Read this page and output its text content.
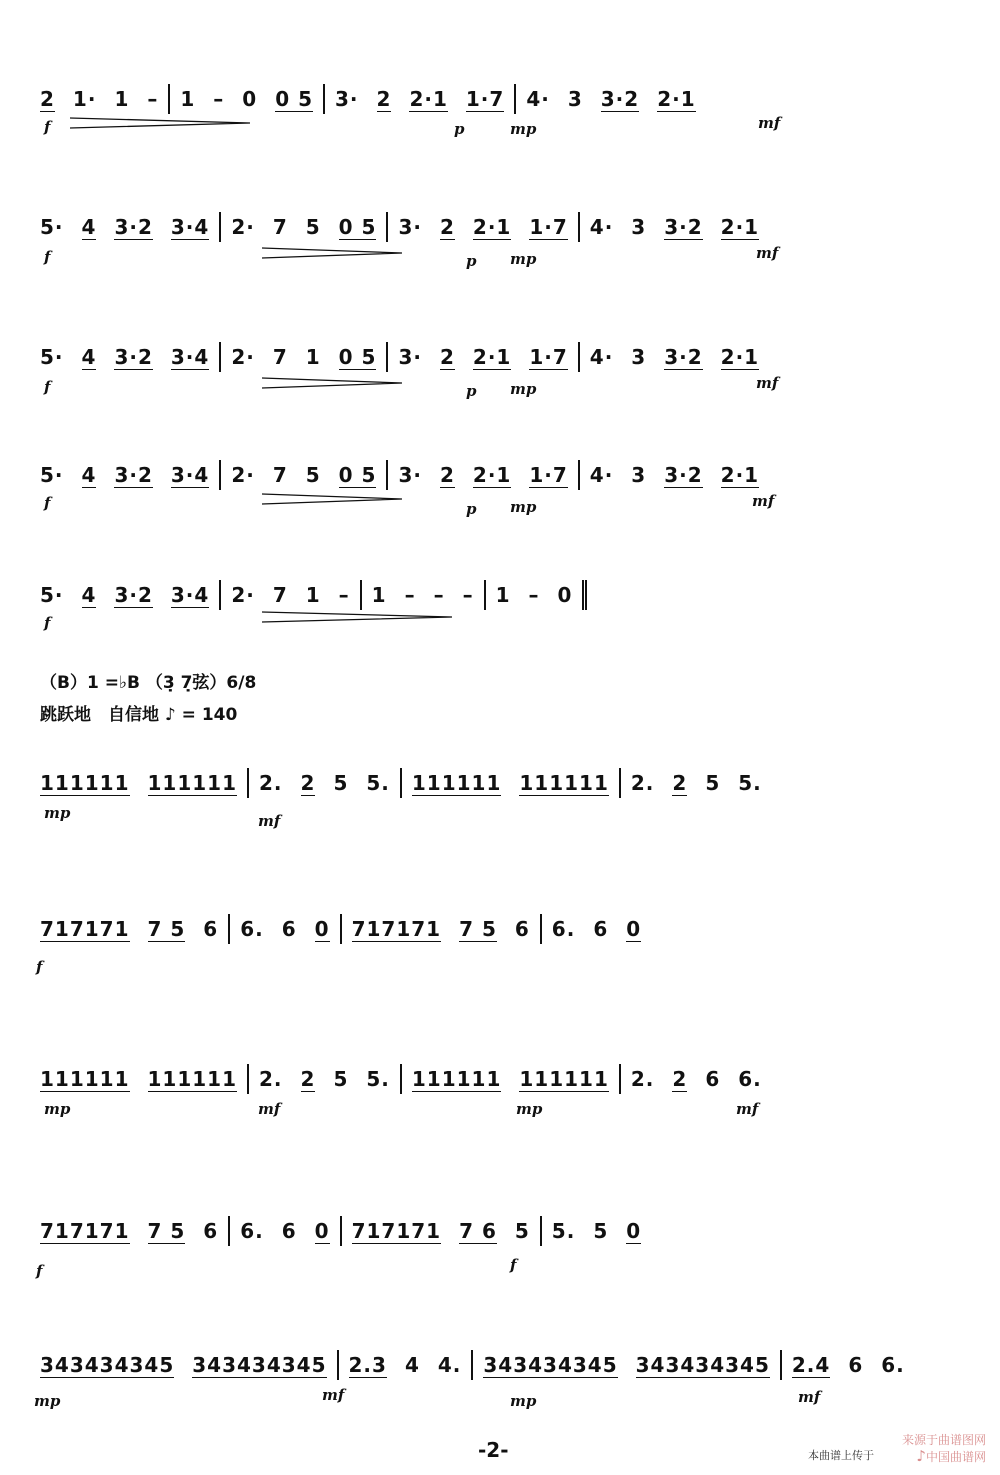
2 1· 1 – 1 – 0 0 5 3· 2 2·1 1·7 4· 3 3·2 2·1
f	p	mp	mf
5· 4 3·2 3·4 2· 7 5 0 5 3· 2 2·1 1·7 4· 3 3·2 2·1
f	p mp	mf
5· 4 3·2 3·4 2· 7 1 0 5 3· 2 2·1 1·7 4· 3 3·2 2·1
f	p mp	mf
5· 4 3·2 3·4 2· 7 5 0 5 3· 2 2·1 1·7 4· 3 3·2 2·1
f	p mp	mf
5· 4 3·2 3·4 2· 7 1 – 1 – – – 1 – 0
f
（B）1 =♭B （3̣ 7̣弦）6/8
跳跃地　自信地 ♪ = 140
111111 111111 2. 2 5 5. 111111 111111 2. 2 5 5.
mp	mf
717171 7 5 6 6. 6 0 717171 7 5 6 6. 6 0
f
111111 111111 2. 2 5 5. 111111 111111 2. 2 6 6.
mp	mf	mp	mf
717171 7 5 6 6. 6 0 717171 7 6 5 5. 5 0
f	f
343434345 343434345 2.3 4 4. 343434345 343434345 2.4 6 6.
mp	mf	mp	mf
-2-	本曲谱上传于
来源于曲谱图网
♪中国曲谱网
